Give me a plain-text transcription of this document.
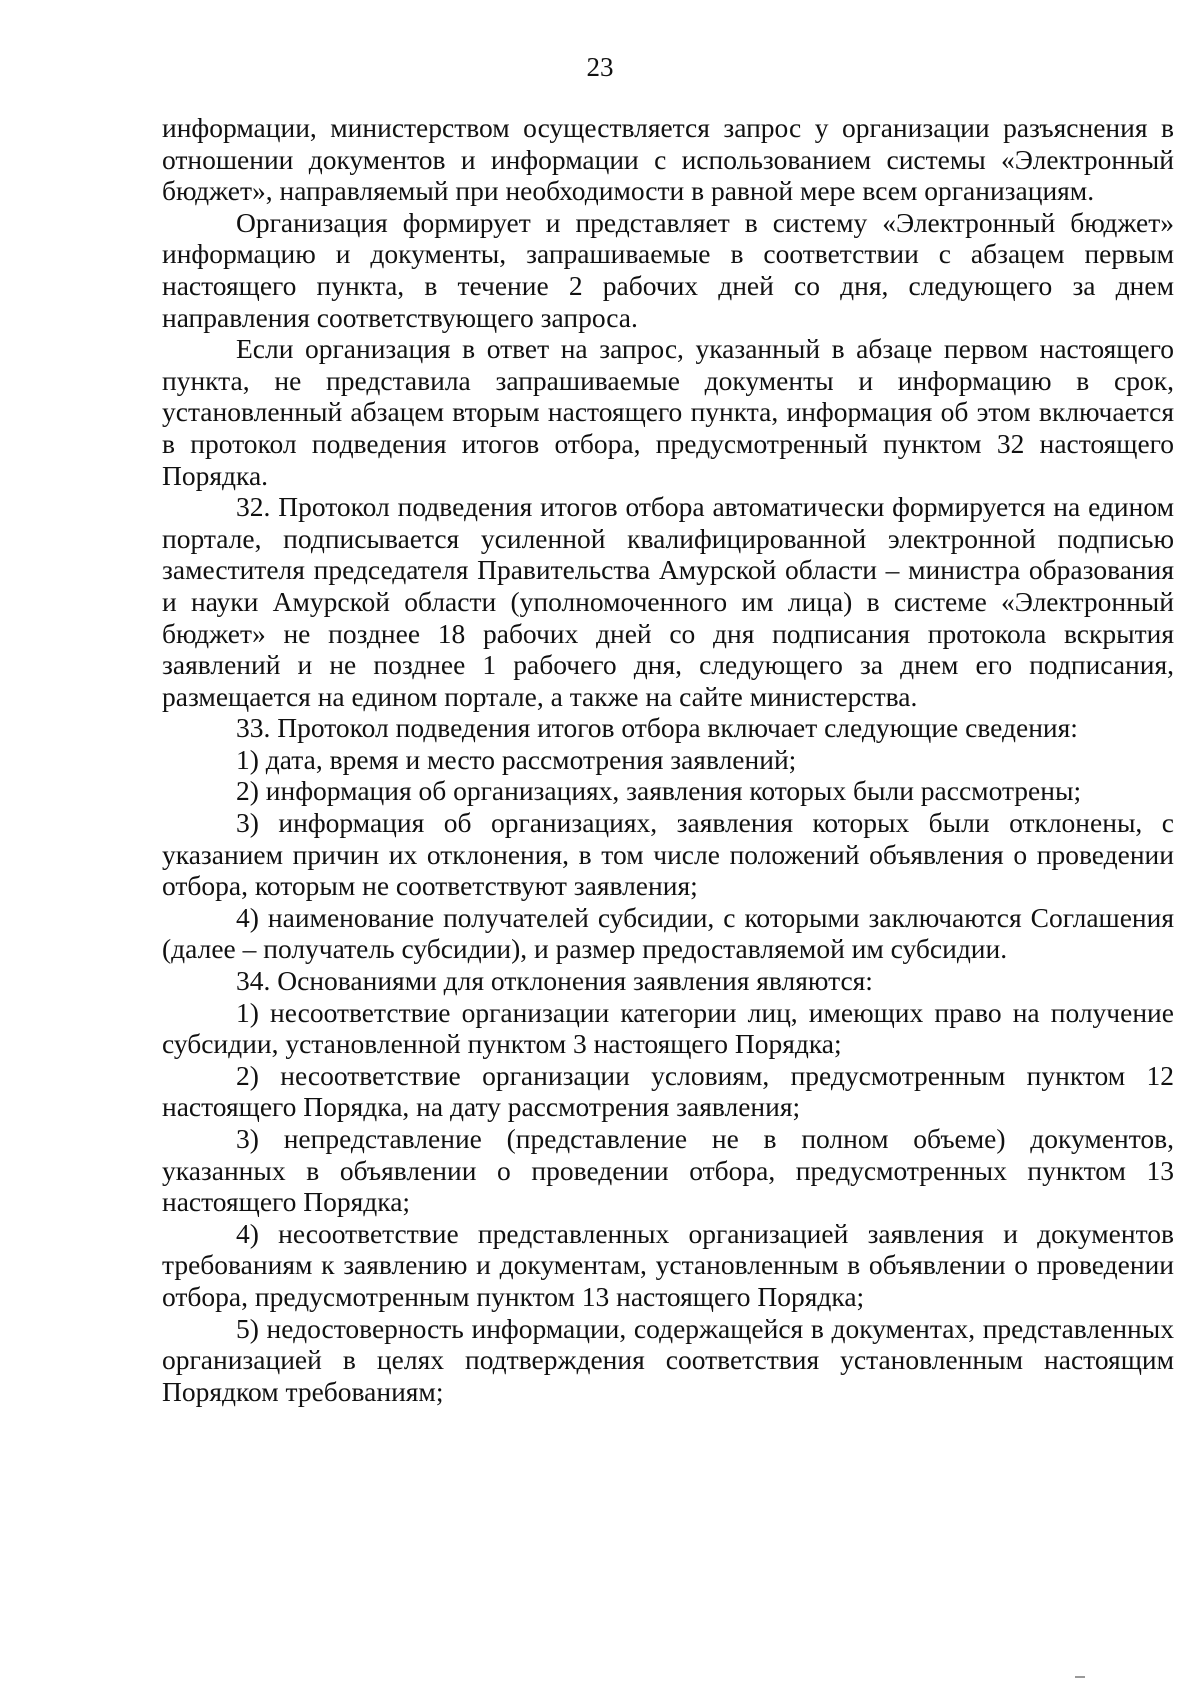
23

информации, министерством осуществляется запрос у организации разъяснения в отношении документов и информации с использованием системы «Электронный бюджет», направляемый при необходимости в равной мере всем организациям.

Организация формирует и представляет в систему «Электронный бюджет» информацию и документы, запрашиваемые в соответствии с абзацем первым настоящего пункта, в течение 2 рабочих дней со дня, следующего за днем направления соответствующего запроса.

Если организация в ответ на запрос, указанный в абзаце первом настоящего пункта, не представила запрашиваемые документы и информацию в срок, установленный абзацем вторым настоящего пункта, информация об этом включается в протокол подведения итогов отбора, предусмотренный пунктом 32 настоящего Порядка.

32. Протокол подведения итогов отбора автоматически формируется на едином портале, подписывается усиленной квалифицированной электронной подписью заместителя председателя Правительства Амурской области – министра образования и науки Амурской области (уполномоченного им лица) в системе «Электронный бюджет» не позднее 18 рабочих дней со дня подписания протокола вскрытия заявлений и не позднее 1 рабочего дня, следующего за днем его подписания, размещается на едином портале, а также на сайте министерства.

33. Протокол подведения итогов отбора включает следующие сведения:

1) дата, время и место рассмотрения заявлений;

2) информация об организациях, заявления которых были рассмотрены;

3) информация об организациях, заявления которых были отклонены, с указанием причин их отклонения, в том числе положений объявления о проведении отбора, которым не соответствуют заявления;

4) наименование получателей субсидии, с которыми заключаются Соглашения (далее – получатель субсидии), и размер предоставляемой им субсидии.

34. Основаниями для отклонения заявления являются:

1) несоответствие организации категории лиц, имеющих право на получение субсидии, установленной пунктом 3 настоящего Порядка;

2) несоответствие организации условиям, предусмотренным пунктом 12 настоящего Порядка, на дату рассмотрения заявления;

3) непредставление (представление не в полном объеме) документов, указанных в объявлении о проведении отбора, предусмотренных пунктом 13 настоящего Порядка;

4) несоответствие представленных организацией заявления и документов требованиям к заявлению и документам, установленным в объявлении о проведении отбора, предусмотренным пунктом 13 настоящего Порядка;

5) недостоверность информации, содержащейся в документах, представленных организацией в целях подтверждения соответствия установленным настоящим Порядком требованиям;
